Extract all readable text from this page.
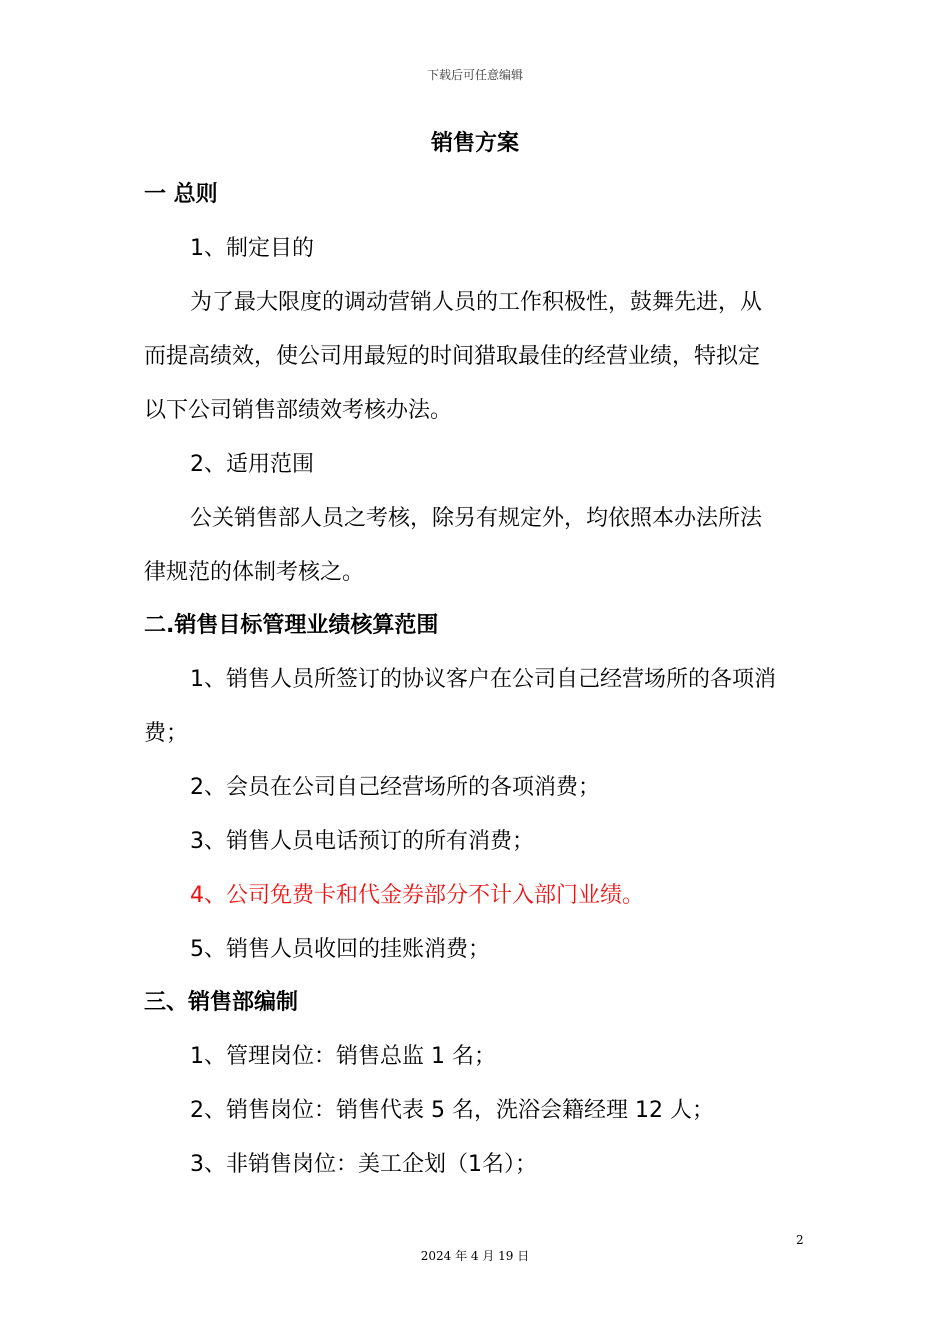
下载后可任意编辑
销售方案
一 总则
1、制定目的
为了最大限度的调动营销人员的工作积极性，鼓舞先进，从
而提高绩效，使公司用最短的时间猎取最佳的经营业绩，特拟定
以下公司销售部绩效考核办法。
2、适用范围
公关销售部人员之考核，除另有规定外，均依照本办法所法
律规范的体制考核之。
二.销售目标管理业绩核算范围
1、销售人员所签订的协议客户在公司自己经营场所的各项消
费；
2、会员在公司自己经营场所的各项消费；
3、销售人员电话预订的所有消费；
4、公司免费卡和代金券部分不计入部门业绩。
5、销售人员收回的挂账消费；
三、销售部编制
1、管理岗位：销售总监 1 名；
2、销售岗位：销售代表 5 名，洗浴会籍经理 12 人；
3、非销售岗位：美工企划（1名）；
2
2024 年 4 月 19 日
